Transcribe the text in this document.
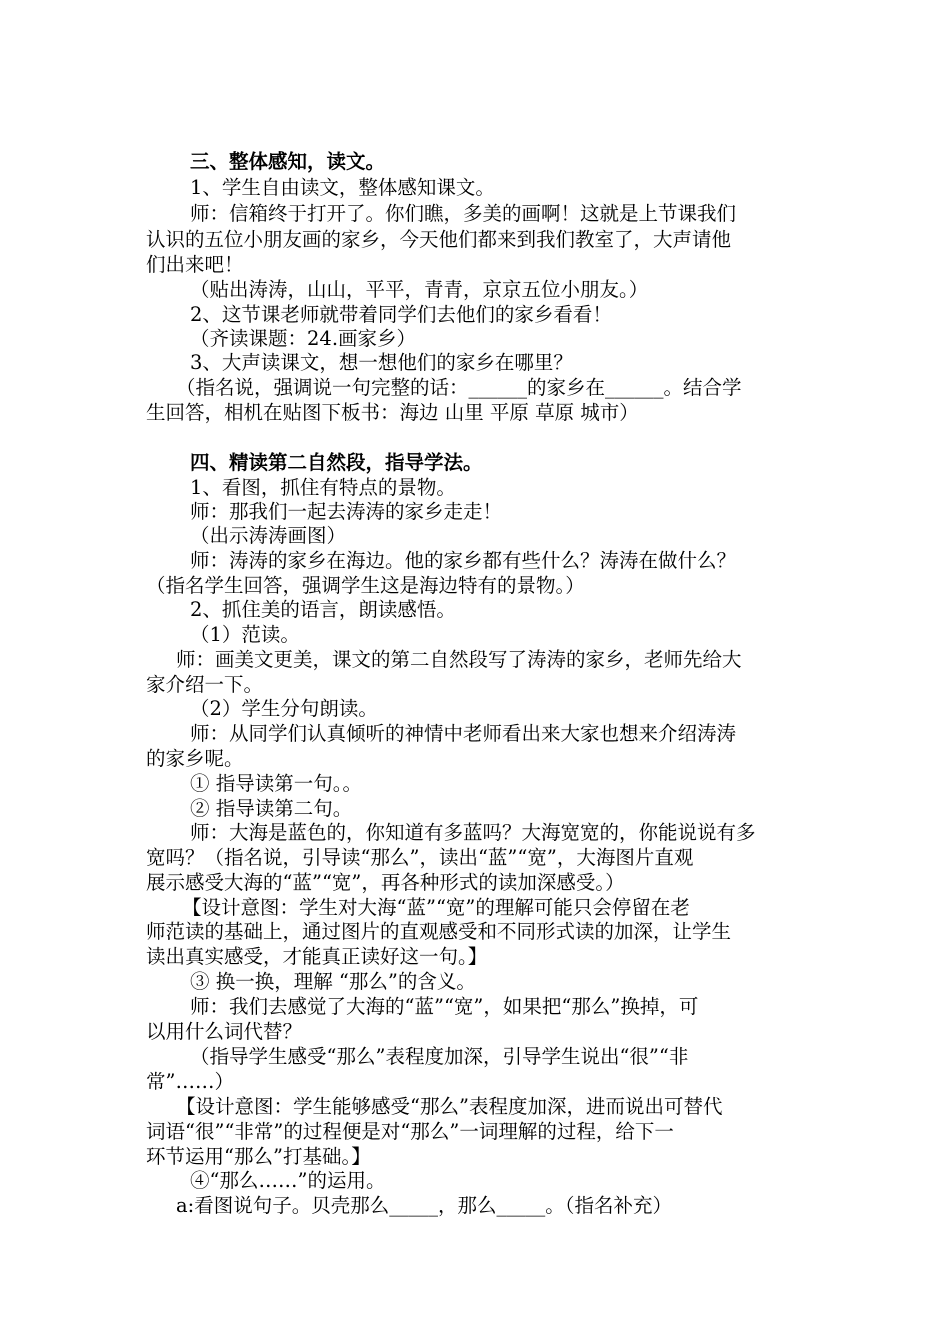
三、整体感知，读文。
1、学生自由读文，整体感知课文。
师：信箱终于打开了。你们瞧，多美的画啊！这就是上节课我们
认识的五位小朋友画的家乡，今天他们都来到我们教室了，大声请他
们出来吧！
（贴出涛涛，山山，平平，青青，京京五位小朋友。）
2、这节课老师就带着同学们去他们的家乡看看！
（齐读课题：24.画家乡）
3、大声读课文，想一想他们的家乡在哪里？
（指名说，强调说一句完整的话：______的家乡在______。结合学
生回答，相机在贴图下板书：海边 山里 平原 草原 城市）
四、精读第二自然段，指导学法。
1、看图，抓住有特点的景物。
师：那我们一起去涛涛的家乡走走！
（出示涛涛画图）
师：涛涛的家乡在海边。他的家乡都有些什么？涛涛在做什么？
（指名学生回答，强调学生这是海边特有的景物。）
2、抓住美的语言，朗读感悟。
（1）范读。
师：画美文更美，课文的第二自然段写了涛涛的家乡，老师先给大
家介绍一下。
（2）学生分句朗读。
师：从同学们认真倾听的神情中老师看出来大家也想来介绍涛涛
的家乡呢。
① 指导读第一句。。
② 指导读第二句。
师：大海是蓝色的，你知道有多蓝吗？大海宽宽的，你能说说有多
宽吗？（指名说，引导读“那么”，读出“蓝”“宽”，大海图片直观
展示感受大海的“蓝”“宽”，再各种形式的读加深感受。）
【设计意图：学生对大海“蓝”“宽”的理解可能只会停留在老
师范读的基础上，通过图片的直观感受和不同形式读的加深，让学生
读出真实感受，才能真正读好这一句。】
③ 换一换，理解 “那么”的含义。
师：我们去感觉了大海的“蓝”“宽”，如果把“那么”换掉，可
以用什么词代替？
（指导学生感受“那么”表程度加深，引导学生说出“很”“非
常”……）
【设计意图：学生能够感受“那么”表程度加深，进而说出可替代
词语“很”“非常”的过程便是对“那么”一词理解的过程，给下一
环节运用“那么”打基础。】
④“那么……”的运用。
a:看图说句子。贝壳那么_____，那么_____。（指名补充）
